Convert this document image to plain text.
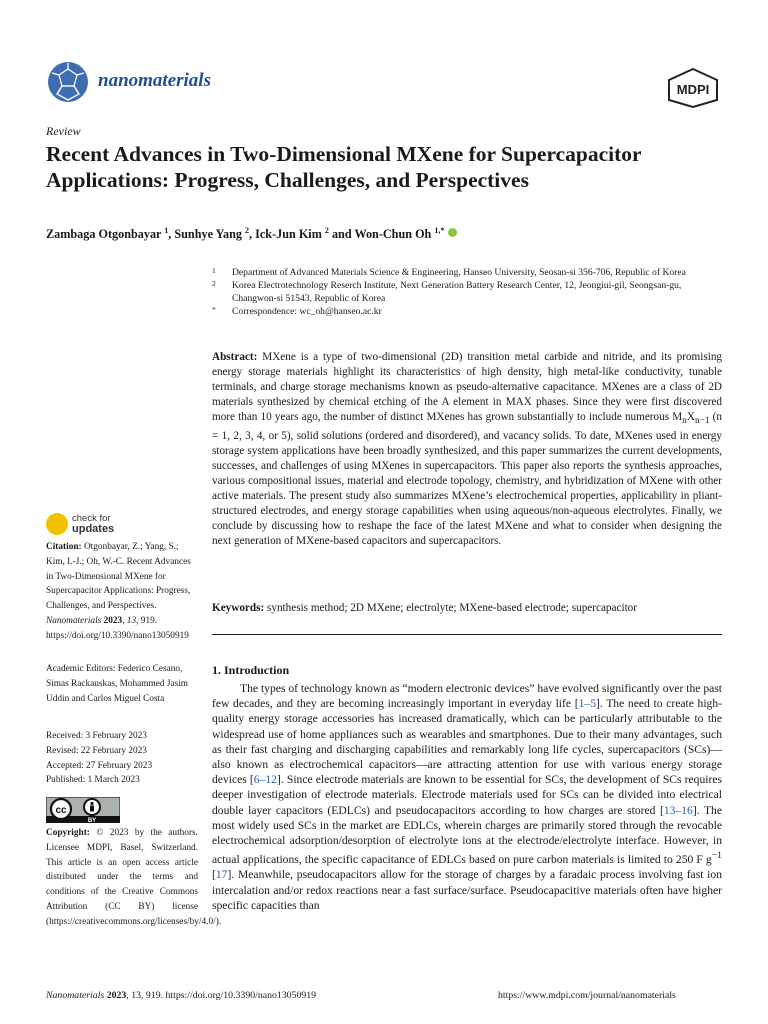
nanomaterials	MDPI
Review
Recent Advances in Two-Dimensional MXene for Supercapacitor Applications: Progress, Challenges, and Perspectives
Zambaga Otgonbayar $^1$, Sunhye Yang $^2$, Ick-Jun Kim $^2$ and Won-Chun Oh $^{1,*}$
1 Department of Advanced Materials Science & Engineering, Hanseo University, Seosan-si 356-706, Republic of Korea
2 Korea Electrotechnology Reserch Institute, Next Generation Battery Research Center, 12, Jeongiui-gil, Seongsan-gu, Changwon-si 51543, Republic of Korea
* Correspondence: wc_oh@hanseo.ac.kr

Abstract: MXene is a type of two-dimensional (2D) transition metal carbide and nitride, and its promising energy storage materials highlight its characteristics of high density, high metal-like conductivity, tunable terminals, and charge storage mechanisms known as pseudo-alternative capacitance. MXenes are a class of 2D materials synthesized by chemical etching of the A element in MAX phases. Since they were first discovered more than 10 years ago, the number of distinct MXenes has grown substantially to include numerous $M_nX_{n-1}$ (n = 1, 2, 3, 4, or 5), solid solutions (ordered and disordered), and vacancy solids. To date, MXenes used in energy storage system applications have been broadly synthesized, and this paper summarizes the current developments, successes, and challenges of using MXenes in supercapacitors. This paper also reports the synthesis approaches, various compositional issues, material and electrode topology, chemistry, and hybridization of MXene with other active materials. The present study also summarizes MXene’s electrochemical properties, applicability in pliant-structured electrodes, and energy storage capabilities when using aqueous/non-aqueous electrolytes. Finally, we conclude by discussing how to reshape the face of the latest MXene and what to consider when designing the next generation of MXene-based capacitors and supercapacitors.

Keywords: synthesis method; 2D MXene; electrolyte; MXene-based electrode; supercapacitor
1. Introduction

The types of technology known as “modern electronic devices” have evolved significantly over the past few decades, and they are becoming increasingly important in everyday life [1–5]. The need to create high-quality energy storage accessories has increased dramatically, which can be particularly attributable to the widespread use of home appliances such as wearables and smartphones. Due to their many advantages, such as their fast charging and discharging capabilities and remarkably long life cycles, supercapacitors (SCs)—also known as electrochemical capacitors—are attracting attention for use with various energy storage devices [6–12]. Since electrode materials are known to be essential for SCs, the development of SCs requires deeper investigation of electrode materials. Electrode materials used for SCs can be divided into electrical double layer capacitors (EDLCs) and pseudocapacitors according to how charges are stored [13–16]. The most widely used SCs in the market are EDLCs, wherein charges are primarily stored through the revocable electrochemical adsorption/desorption of electrolyte ions at the electrode/electrolyte interface. However, in actual applications, the specific capacitance of EDLCs based on pure carbon materials is limited to 250 F $g^{-1}$ [17]. Meanwhile, pseudocapacitors allow for the storage of charges by a faradaic process involving fast ion intercalation and/or redox reactions near a fast surface/surface. Pseudocapacitive materials often have higher specific capacities than

check for
updates
Citation: Otgonbayar, Z.; Yang, S.; Kim, I.-J.; Oh, W.-C. Recent Advances in Two-Dimensional MXene for Supercapacitor Applications: Progress, Challenges, and Perspectives. Nanomaterials 2023, 13, 919. https://doi.org/10.3390/nano13050919
Academic Editors: Federico Cesano, Simas Rackauskas, Mohammed Jasim Uddin and Carlos Miguel Costa
Received: 3 February 2023
Revised: 22 February 2023
Accepted: 27 February 2023
Published: 1 March 2023
cc
BY
Copyright: © 2023 by the authors. Licensee MDPI, Basel, Switzerland. This article is an open access article distributed under the terms and conditions of the Creative Commons Attribution (CC BY) license (https://creativecommons.org/licenses/by/4.0/).
Nanomaterials 2023, 13, 919. https://doi.org/10.3390/nano13050919	https://www.mdpi.com/journal/nanomaterials
